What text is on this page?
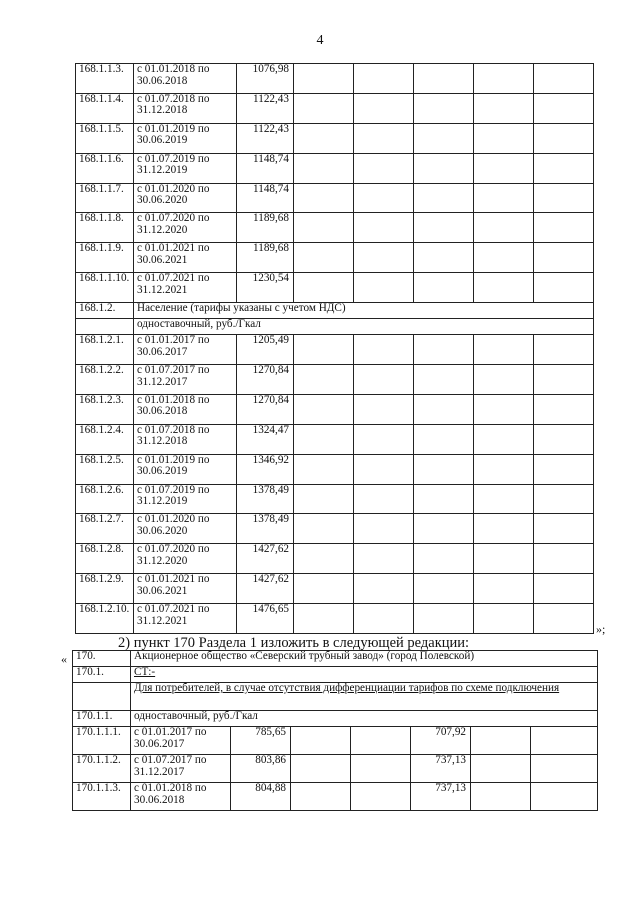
4
168.1.1.3.	с 01.01.2018 по 30.06.2018	1076,98					
168.1.1.4.	с 01.07.2018 по 31.12.2018	1122,43					
168.1.1.5.	с 01.01.2019 по 30.06.2019	1122,43					
168.1.1.6.	с 01.07.2019 по 31.12.2019	1148,74					
168.1.1.7.	с 01.01.2020 по 30.06.2020	1148,74					
168.1.1.8.	с 01.07.2020 по 31.12.2020	1189,68					
168.1.1.9.	с 01.01.2021 по 30.06.2021	1189,68					
168.1.1.10.	с 01.07.2021 по 31.12.2021	1230,54					
168.1.2.	Население (тарифы указаны с учетом НДС)						
	одноставочный, руб./Гкал						
168.1.2.1.	с 01.01.2017 по 30.06.2017	1205,49					
168.1.2.2.	с 01.07.2017 по 31.12.2017	1270,84					
168.1.2.3.	с 01.01.2018 по 30.06.2018	1270,84					
168.1.2.4.	с 01.07.2018 по 31.12.2018	1324,47					
168.1.2.5.	с 01.01.2019 по 30.06.2019	1346,92					
168.1.2.6.	с 01.07.2019 по 31.12.2019	1378,49					
168.1.2.7.	с 01.01.2020 по 30.06.2020	1378,49					
168.1.2.8.	с 01.07.2020 по 31.12.2020	1427,62					
168.1.2.9.	с 01.01.2021 по 30.06.2021	1427,62					
168.1.2.10.	с 01.07.2021 по 31.12.2021	1476,65					
»;
2) пункт 170 Раздела 1 изложить в следующей редакции:
« 170.	Акционерное общество «Северский трубный завод» (город Полевской)						
170.1.	СТ:-						
	Для потребителей, в случае отсутствия дифференциации тарифов по схеме подключения						
170.1.1.	одноставочный, руб./Гкал						
170.1.1.1.	с 01.01.2017 по 30.06.2017	785,65			707,92		
170.1.1.2.	с 01.07.2017 по 31.12.2017	803,86			737,13		
170.1.1.3.	с 01.01.2018 по 30.06.2018	804,88			737,13		
